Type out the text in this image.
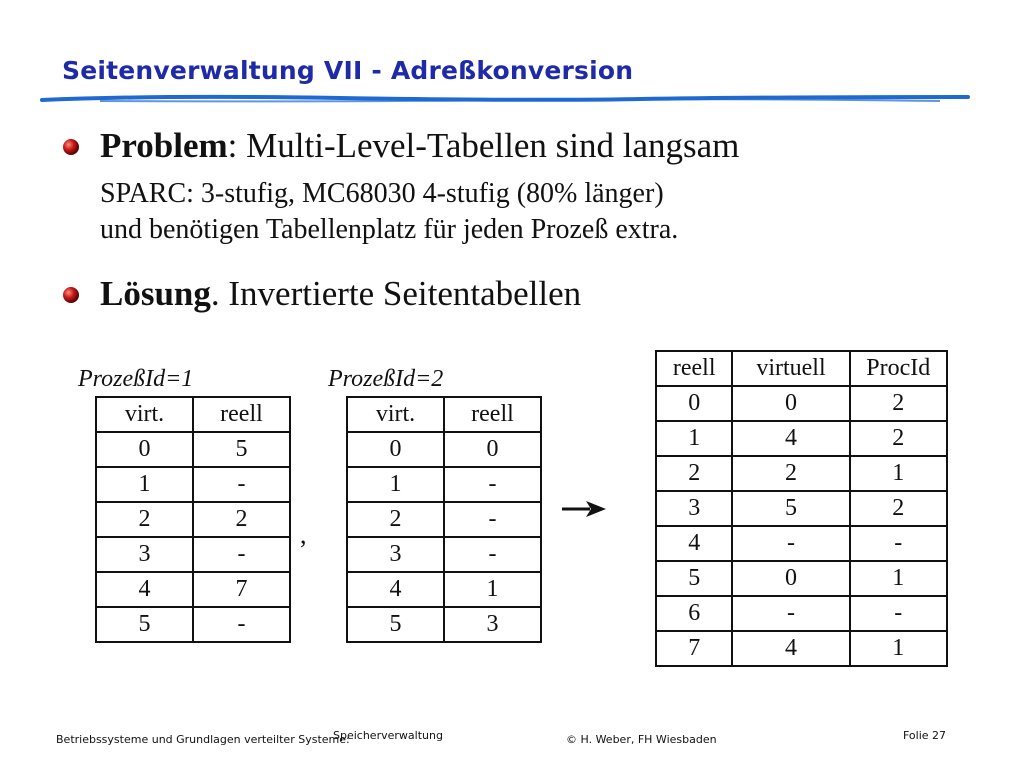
Seitenverwaltung VII - Adreßkonversion
Problem: Multi-Level-Tabellen sind langsam
SPARC: 3-stufig, MC68030 4-stufig (80% länger)
und benötigen Tabellenplatz für jeden Prozeß extra.
Lösung. Invertierte Seitentabellen
ProzeßId=1	ProzeßId=2
virt.	reell
0	5
1	-
2	2
3	-
4	7
5	-
,
virt.	reell
0	0
1	-
2	-
3	-
4	1
5	3
reell	virtuell	ProcId
0	0	2
1	4	2
2	2	1
3	5	2
4	-	-
5	0	1
6	-	-
7	4	1
Betriebssysteme und Grundlagen verteilter Systeme:
Speicherverwaltung	© H. Weber, FH Wiesbaden	Folie 27
